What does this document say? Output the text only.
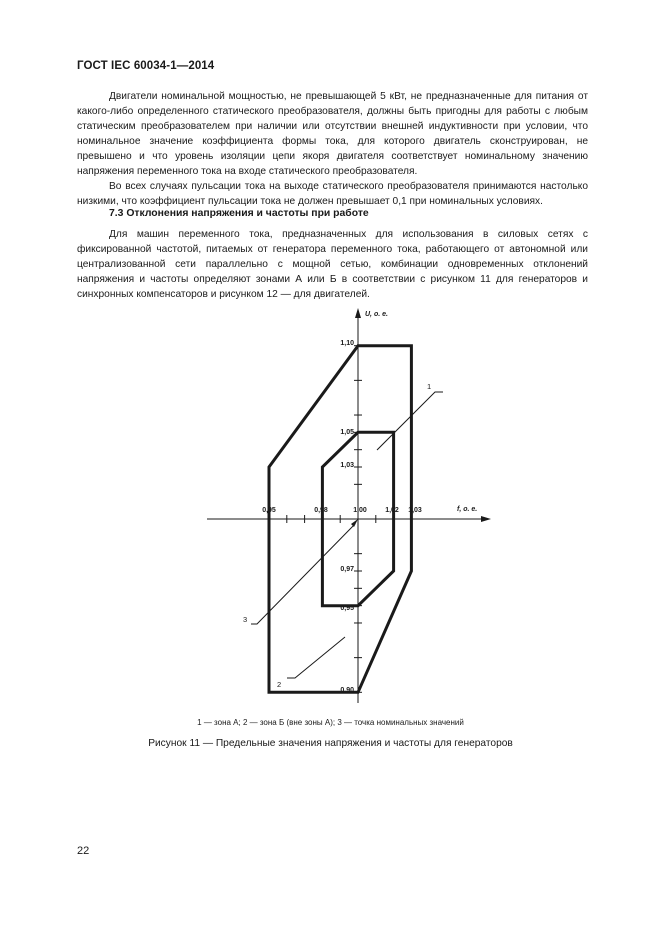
ГОСТ IEC 60034-1—2014

Двигатели номинальной мощностью, не превышающей 5 кВт, не предназначенные для питания от какого-либо определенного статического преобразователя, должны быть пригодны для работы с любым статическим преобразователем при наличии или отсутствии внешней индуктивности при условии, что номинальное значение коэффициента формы тока, для которого двигатель сконструирован, не превышено и что уровень изоляции цепи якоря двигателя соответствует номинальному значению напряжения переменного тока на входе статического преобразователя.

Во всех случаях пульсации тока на выходе статического преобразователя принимаются настолько низкими, что коэффициент пульсации тока не должен превышает 0,1 при номинальных условиях.

7.3 Отклонения напряжения и частоты при работе

Для машин переменного тока, предназначенных для использования в силовых сетях с фиксированной частотой, питаемых от генератора переменного тока, работающего от автономной или централизованной сети параллельно с мощной сетью, комбинации одновременных отклонений напряжения и частоты определяют зонами А или Б в соответствии с рисунком 11 для генераторов и синхронных компенсаторов и рисунком 12 — для двигателей.

1,10
1,05
1,03
0,97
0,95
0,90
0,95	0,98	1,00	1,02 1,03
U, о. е.
f, о. е.
1
2
3
1 — зона А; 2 — зона Б (вне зоны А); 3 — точка номинальных значений
Рисунок 11 — Предельные значения напряжения и частоты для генераторов
22
